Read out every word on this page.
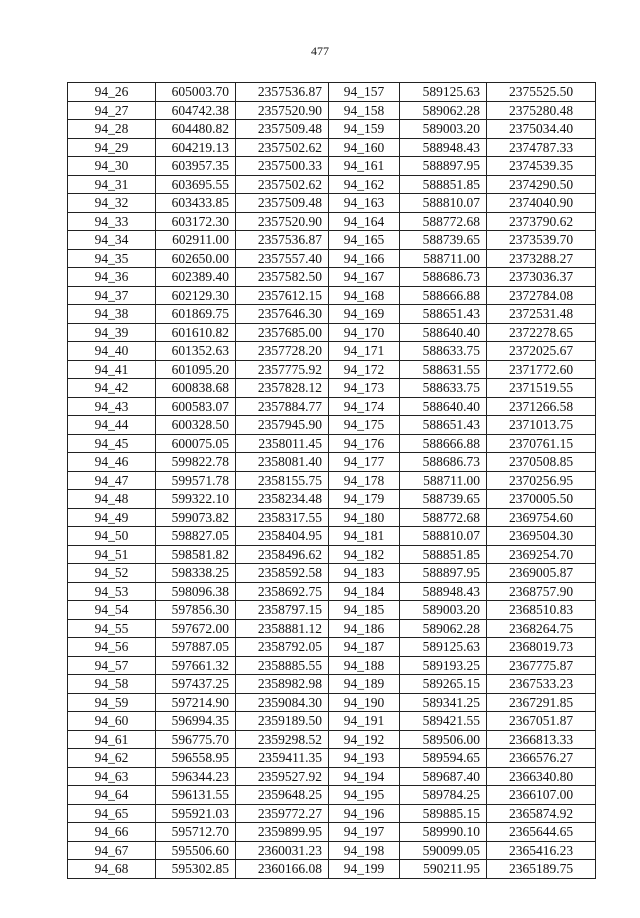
477
94_26	605003.70	2357536.87	94_157	589125.63	2375525.50
94_27	604742.38	2357520.90	94_158	589062.28	2375280.48
94_28	604480.82	2357509.48	94_159	589003.20	2375034.40
94_29	604219.13	2357502.62	94_160	588948.43	2374787.33
94_30	603957.35	2357500.33	94_161	588897.95	2374539.35
94_31	603695.55	2357502.62	94_162	588851.85	2374290.50
94_32	603433.85	2357509.48	94_163	588810.07	2374040.90
94_33	603172.30	2357520.90	94_164	588772.68	2373790.62
94_34	602911.00	2357536.87	94_165	588739.65	2373539.70
94_35	602650.00	2357557.40	94_166	588711.00	2373288.27
94_36	602389.40	2357582.50	94_167	588686.73	2373036.37
94_37	602129.30	2357612.15	94_168	588666.88	2372784.08
94_38	601869.75	2357646.30	94_169	588651.43	2372531.48
94_39	601610.82	2357685.00	94_170	588640.40	2372278.65
94_40	601352.63	2357728.20	94_171	588633.75	2372025.67
94_41	601095.20	2357775.92	94_172	588631.55	2371772.60
94_42	600838.68	2357828.12	94_173	588633.75	2371519.55
94_43	600583.07	2357884.77	94_174	588640.40	2371266.58
94_44	600328.50	2357945.90	94_175	588651.43	2371013.75
94_45	600075.05	2358011.45	94_176	588666.88	2370761.15
94_46	599822.78	2358081.40	94_177	588686.73	2370508.85
94_47	599571.78	2358155.75	94_178	588711.00	2370256.95
94_48	599322.10	2358234.48	94_179	588739.65	2370005.50
94_49	599073.82	2358317.55	94_180	588772.68	2369754.60
94_50	598827.05	2358404.95	94_181	588810.07	2369504.30
94_51	598581.82	2358496.62	94_182	588851.85	2369254.70
94_52	598338.25	2358592.58	94_183	588897.95	2369005.87
94_53	598096.38	2358692.75	94_184	588948.43	2368757.90
94_54	597856.30	2358797.15	94_185	589003.20	2368510.83
94_55	597672.00	2358881.12	94_186	589062.28	2368264.75
94_56	597887.05	2358792.05	94_187	589125.63	2368019.73
94_57	597661.32	2358885.55	94_188	589193.25	2367775.87
94_58	597437.25	2358982.98	94_189	589265.15	2367533.23
94_59	597214.90	2359084.30	94_190	589341.25	2367291.85
94_60	596994.35	2359189.50	94_191	589421.55	2367051.87
94_61	596775.70	2359298.52	94_192	589506.00	2366813.33
94_62	596558.95	2359411.35	94_193	589594.65	2366576.27
94_63	596344.23	2359527.92	94_194	589687.40	2366340.80
94_64	596131.55	2359648.25	94_195	589784.25	2366107.00
94_65	595921.03	2359772.27	94_196	589885.15	2365874.92
94_66	595712.70	2359899.95	94_197	589990.10	2365644.65
94_67	595506.60	2360031.23	94_198	590099.05	2365416.23
94_68	595302.85	2360166.08	94_199	590211.95	2365189.75
